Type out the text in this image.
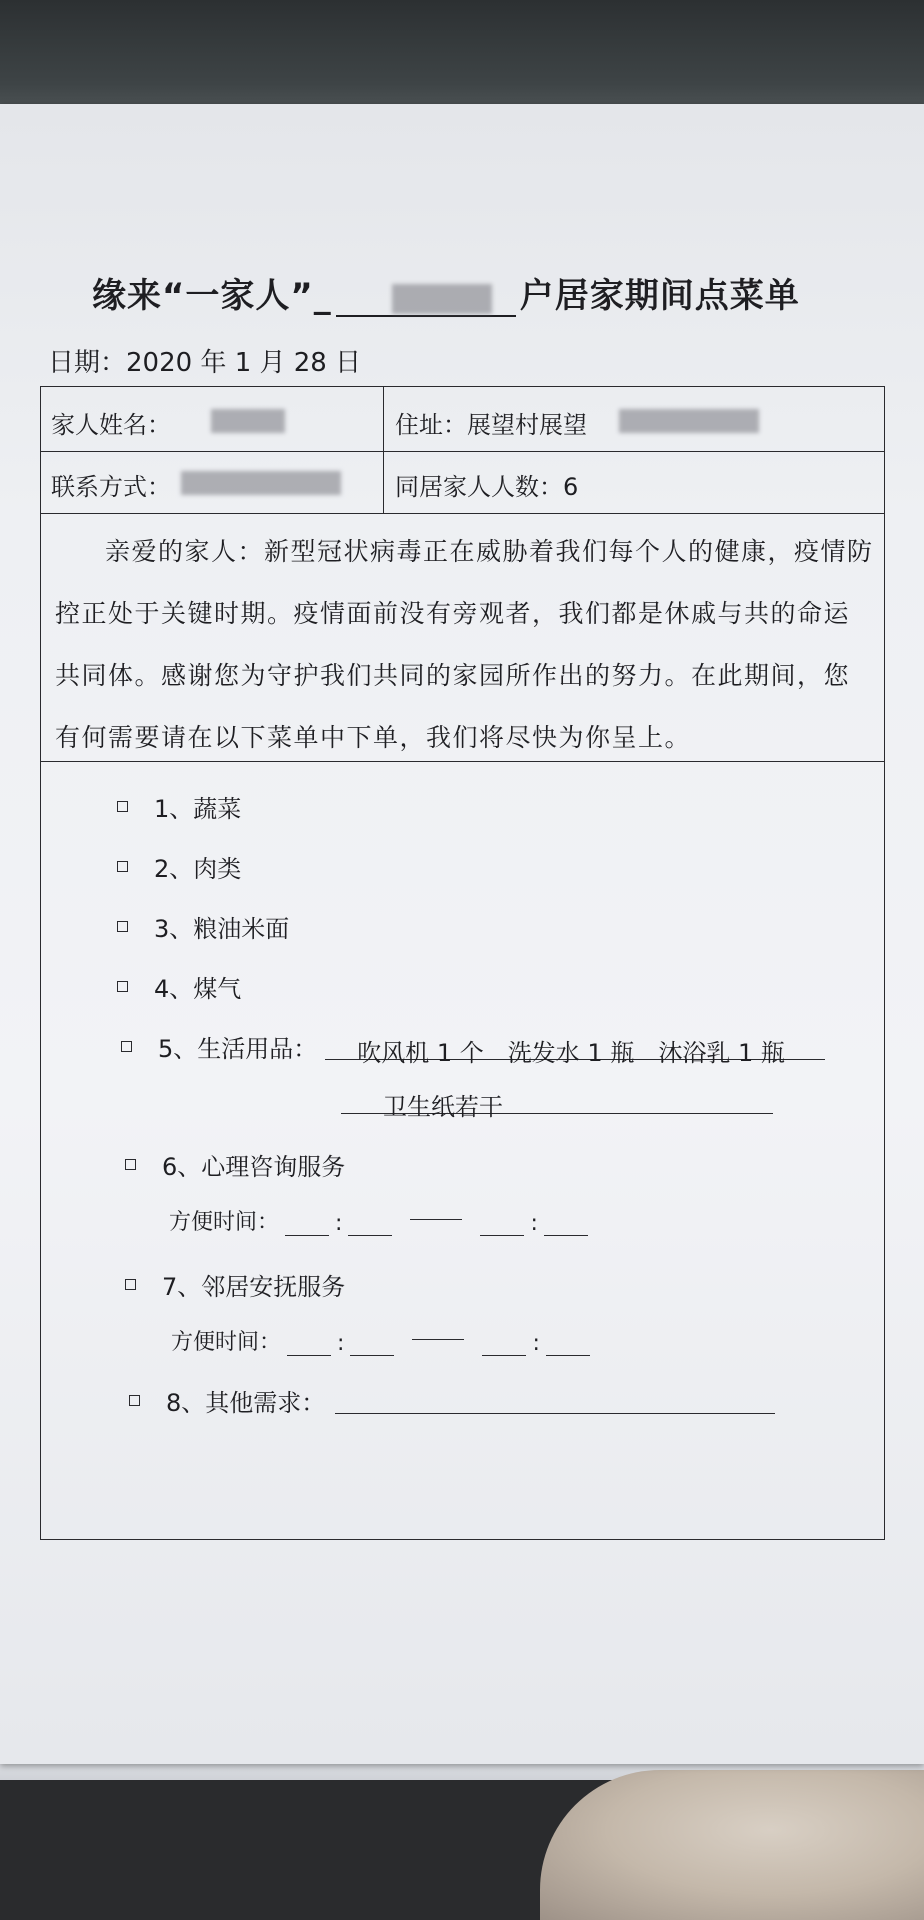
缘来“一家人”_	户居家期间点菜单
日期：2020 年 1 月 28 日
家人姓名：	住址：展望村展望
联系方式：	同居家人人数：6

亲爱的家人：新型冠状病毒正在威胁着我们每个人的健康，疫情防控正处于关键时期。疫情面前没有旁观者，我们都是休戚与共的命运共同体。感谢您为守护我们共同的家园所作出的努力。在此期间，您有何需要请在以下菜单中下单，我们将尽快为你呈上。

1、蔬菜
2、肉类
3、粮油米面
4、煤气
5、生活用品：	吹风机 1 个　洗发水 1 瓶　沐浴乳 1 瓶
卫生纸若干
6、心理咨询服务
方便时间：	:	:
7、邻居安抚服务
方便时间：	:	:
8、其他需求：
